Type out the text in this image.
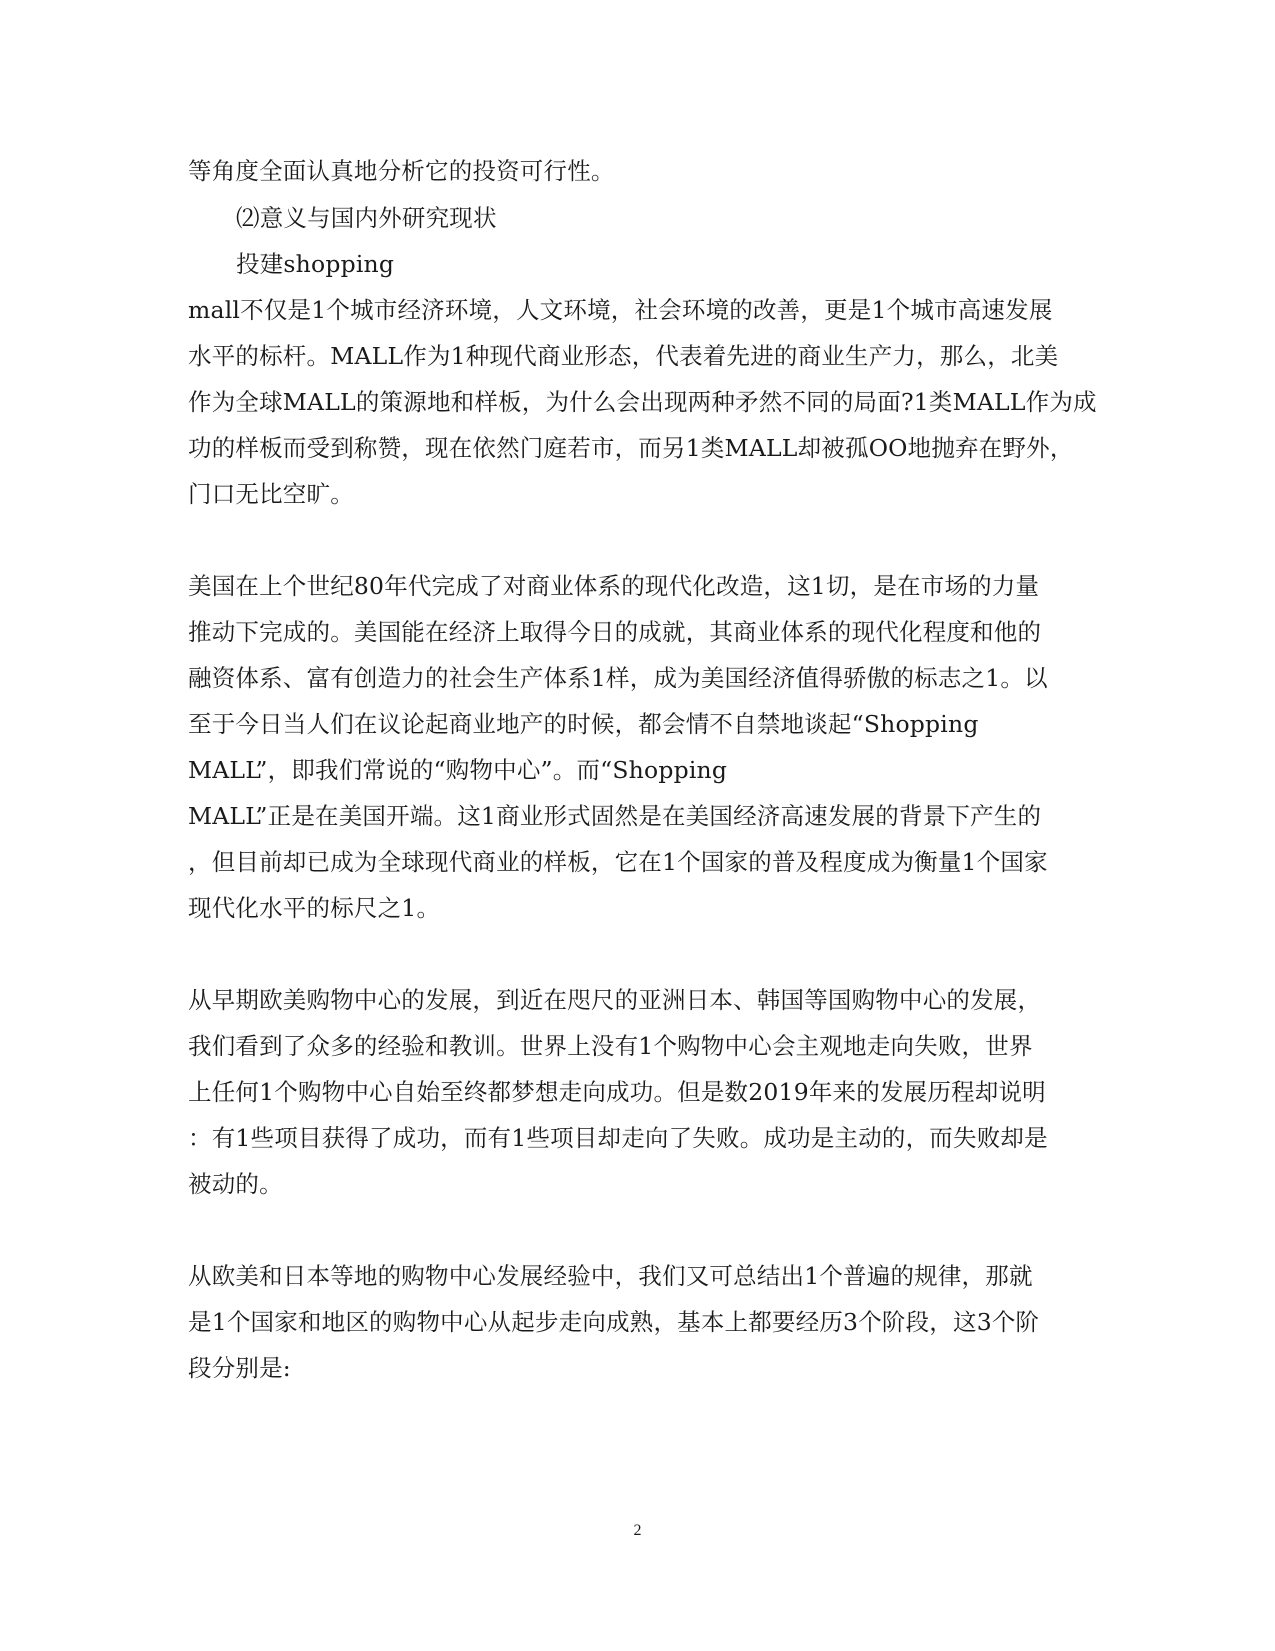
等角度全面认真地分析它的投资可行性。
⑵意义与国内外研究现状
投建shopping
mall不仅是1个城市经济环境，人文环境，社会环境的改善，更是1个城市高速发展
水平的标杆。MALL作为1种现代商业形态，代表着先进的商业生产力，那么，北美
作为全球MALL的策源地和样板，为什么会出现两种矛然不同的局面?1类MALL作为成
功的样板而受到称赞，现在依然门庭若市，而另1类MALL却被孤OO地抛弃在野外，
门口无比空旷。
美国在上个世纪80年代完成了对商业体系的现代化改造，这1切，是在市场的力量
推动下完成的。美国能在经济上取得今日的成就，其商业体系的现代化程度和他的
融资体系、富有创造力的社会生产体系1样，成为美国经济值得骄傲的标志之1。以
至于今日当人们在议论起商业地产的时候，都会情不自禁地谈起“Shopping
MALL”，即我们常说的“购物中心”。而“Shopping
MALL”正是在美国开端。这1商业形式固然是在美国经济高速发展的背景下产生的
，但目前却已成为全球现代商业的样板，它在1个国家的普及程度成为衡量1个国家
现代化水平的标尺之1。
从早期欧美购物中心的发展，到近在咫尺的亚洲日本、韩国等国购物中心的发展，
我们看到了众多的经验和教训。世界上没有1个购物中心会主观地走向失败，世界
上任何1个购物中心自始至终都梦想走向成功。但是数2019年来的发展历程却说明
：有1些项目获得了成功，而有1些项目却走向了失败。成功是主动的，而失败却是
被动的。
从欧美和日本等地的购物中心发展经验中，我们又可总结出1个普遍的规律，那就
是1个国家和地区的购物中心从起步走向成熟，基本上都要经历3个阶段，这3个阶
段分别是:
2
